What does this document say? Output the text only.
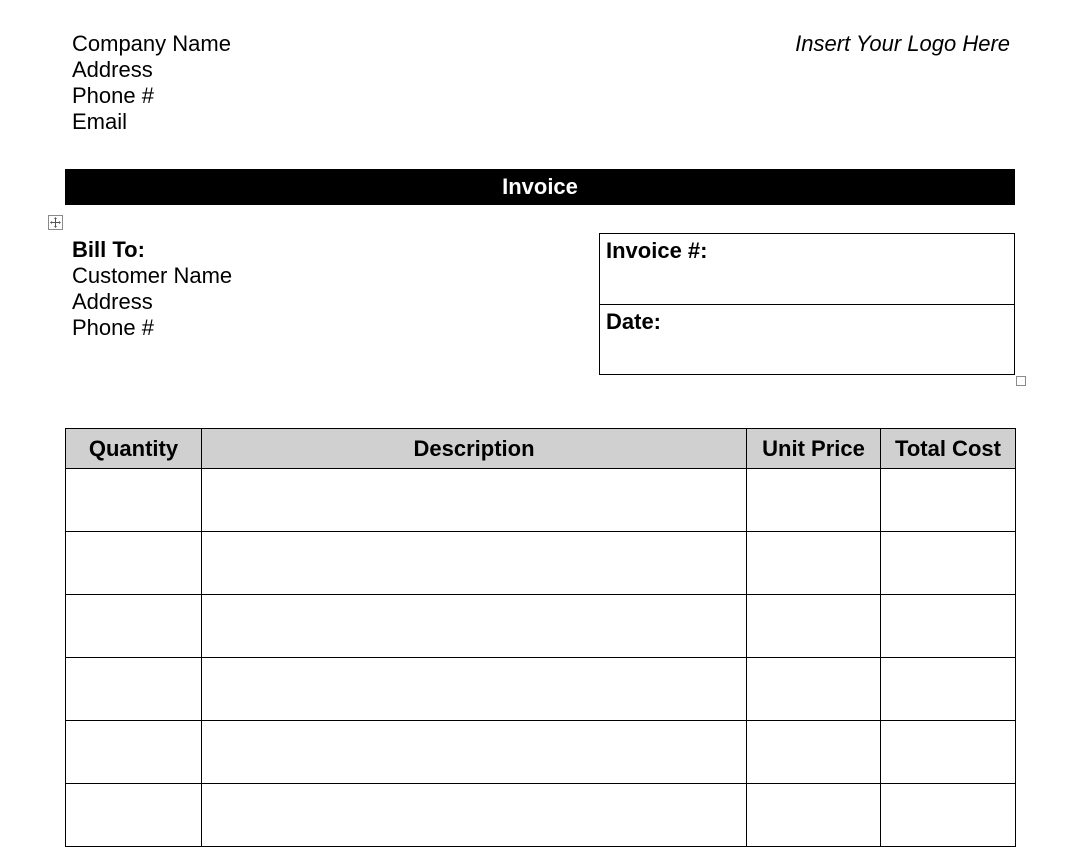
Company Name
Address
Phone #
Email
Insert Your Logo Here
Invoice
Bill To:
Customer Name
Address
Phone #
Invoice #:
Date:
Quantity	Description	Unit Price	Total Cost
